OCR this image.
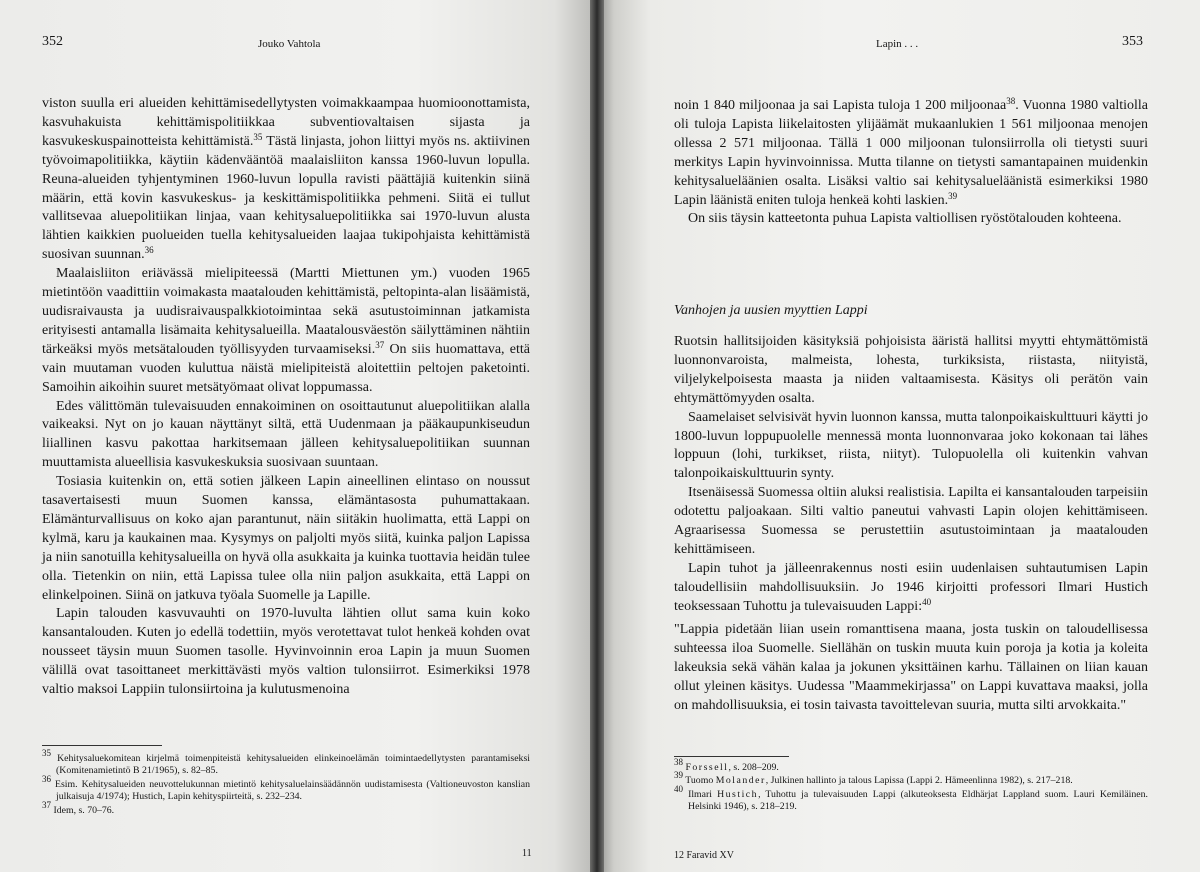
352	Jouko Vahtola

viston suulla eri alueiden kehittämisedellytysten voimakkaampaa huomioonottamista, kasvuhakuista kehittämispolitiikkaa subventiovaltaisen sijasta ja kasvukeskuspainotteista kehittämistä.$^{35}$ Tästä linjasta, johon liittyi myös ns. aktiivinen työvoimapolitiikka, käytiin kädenvääntöä maalaisliiton kanssa 1960-luvun lopulla. Reuna-alueiden tyhjentyminen 1960-luvun lopulla ravisti päättäjiä kuitenkin siinä määrin, että kovin kasvukeskus- ja keskittämispolitiikka pehmeni. Siitä ei tullut vallitsevaa aluepolitiikan linjaa, vaan kehitysaluepolitiikka sai 1970-luvun alusta lähtien kaikkien puolueiden tuella kehitysalueiden laajaa tukipohjaista kehittämistä suosivan suunnan.$^{36}$

Maalaisliiton eriävässä mielipiteessä (Martti Miettunen ym.) vuoden 1965 mietintöön vaadittiin voimakasta maatalouden kehittämistä, peltopinta-alan lisäämistä, uudisraivausta ja uudisraivauspalkkiotoimintaa sekä asutustoiminnan jatkamista erityisesti antamalla lisämaita kehitysalueilla. Maatalousväestön säilyttäminen nähtiin tärkeäksi myös metsätalouden työllisyyden turvaamiseksi.$^{37}$ On siis huomattava, että vain muutaman vuoden kuluttua näistä mielipiteistä aloitettiin peltojen paketointi. Samoihin aikoihin suuret metsätyömaat olivat loppumassa.

Edes välittömän tulevaisuuden ennakoiminen on osoittautunut aluepolitiikan alalla vaikeaksi. Nyt on jo kauan näyttänyt siltä, että Uudenmaan ja pääkaupunkiseudun liiallinen kasvu pakottaa harkitsemaan jälleen kehitysaluepolitiikan suunnan muuttamista alueellisia kasvukeskuksia suosivaan suuntaan.

Tosiasia kuitenkin on, että sotien jälkeen Lapin aineellinen elintaso on noussut tasavertaisesti muun Suomen kanssa, elämäntasosta puhumattakaan. Elämänturvallisuus on koko ajan parantunut, näin siitäkin huolimatta, että Lappi on kylmä, karu ja kaukainen maa. Kysymys on paljolti myös siitä, kuinka paljon Lapissa ja niin sanotuilla kehitysalueilla on hyvä olla asukkaita ja kuinka tuottavia heidän tulee olla. Tietenkin on niin, että Lapissa tulee olla niin paljon asukkaita, että Lappi on elinkelpoinen. Siinä on jatkuva työala Suomelle ja Lapille.

Lapin talouden kasvuvauhti on 1970-luvulta lähtien ollut sama kuin koko kansantalouden. Kuten jo edellä todettiin, myös verotettavat tulot henkeä kohden ovat nousseet täysin muun Suomen tasolle. Hyvinvoinnin eroa Lapin ja muun Suomen välillä ovat tasoittaneet merkittävästi myös valtion tulonsiirrot. Esimerkiksi 1978 valtio maksoi Lappiin tulonsiirtoina ja kulutusmenoina

$^{35}$ Kehitysaluekomitean kirjelmä toimenpiteistä kehitysalueiden elinkeinoelämän toimintaedellytysten parantamiseksi (Komitenamietintö B 21/1965), s. 82–85.

$^{36}$ Esim. Kehitysalueiden neuvottelukunnan mietintö kehitysaluelainsäädännön uudistamisesta (Valtioneuvoston kanslian julkaisuja 4/1974); Hustich, Lapin kehityspiirteitä, s. 232–234.

$^{37}$ Idem, s. 70–76.

11
Lapin . . .	353

noin 1 840 miljoonaa ja sai Lapista tuloja 1 200 miljoonaa$^{38}$. Vuonna 1980 valtiolla oli tuloja Lapista liikelaitosten ylijäämät mukaanlukien 1 561 miljoonaa menojen ollessa 2 571 miljoonaa. Tällä 1 000 miljoonan tulonsiirrolla oli tietysti suuri merkitys Lapin hyvinvoinnissa. Mutta tilanne on tietysti samantapainen muidenkin kehitysalueläänien osalta. Lisäksi valtio sai kehitysalueläänistä esimerkiksi 1980 Lapin läänistä eniten tuloja henkeä kohti laskien.$^{39}$

On siis täysin katteetonta puhua Lapista valtiollisen ryöstötalouden kohteena.

Vanhojen ja uusien myyttien Lappi

Ruotsin hallitsijoiden käsityksiä pohjoisista ääristä hallitsi myytti ehtymättömistä luonnonvaroista, malmeista, lohesta, turkiksista, riistasta, niityistä, viljelykelpoisesta maasta ja niiden valtaamisesta. Käsitys oli perätön vain ehtymättömyyden osalta.

Saamelaiset selvisivät hyvin luonnon kanssa, mutta talonpoikaiskulttuuri käytti jo 1800-luvun loppupuolelle mennessä monta luonnonvaraa joko kokonaan tai lähes loppuun (lohi, turkikset, riista, niityt). Tulopuolella oli kuitenkin vahvan talonpoikaiskulttuurin synty.

Itsenäisessä Suomessa oltiin aluksi realistisia. Lapilta ei kansantalouden tarpeisiin odotettu paljoakaan. Silti valtio paneutui vahvasti Lapin olojen kehittämiseen. Agraarisessa Suomessa se perustettiin asutustoimintaan ja maatalouden kehittämiseen.

Lapin tuhot ja jälleenrakennus nosti esiin uudenlaisen suhtautumisen Lapin taloudellisiin mahdollisuuksiin. Jo 1946 kirjoitti professori Ilmari Hustich teoksessaan Tuhottu ja tulevaisuuden Lappi:$^{40}$

"Lappia pidetään liian usein romanttisena maana, josta tuskin on taloudellisessa suhteessa iloa Suomelle. Siellähän on tuskin muuta kuin poroja ja kotia ja koleita lakeuksia sekä vähän kalaa ja jokunen yksittäinen karhu. Tällainen on liian kauan ollut yleinen käsitys. Uudessa "Maammekirjassa" on Lappi kuvattava maaksi, jolla on mahdollisuuksia, ei tosin taivasta tavoittelevan suuria, mutta silti arvokkaita."

$^{38}$ Forssell, s. 208–209.

$^{39}$ Tuomo Molander, Julkinen hallinto ja talous Lapissa (Lappi 2. Hämeenlinna 1982), s. 217–218.

$^{40}$ Ilmari Hustich, Tuhottu ja tulevaisuuden Lappi (alkuteoksesta Eldhärjat Lappland suom. Lauri Kemiläinen. Helsinki 1946), s. 218–219.

12 Faravid XV
